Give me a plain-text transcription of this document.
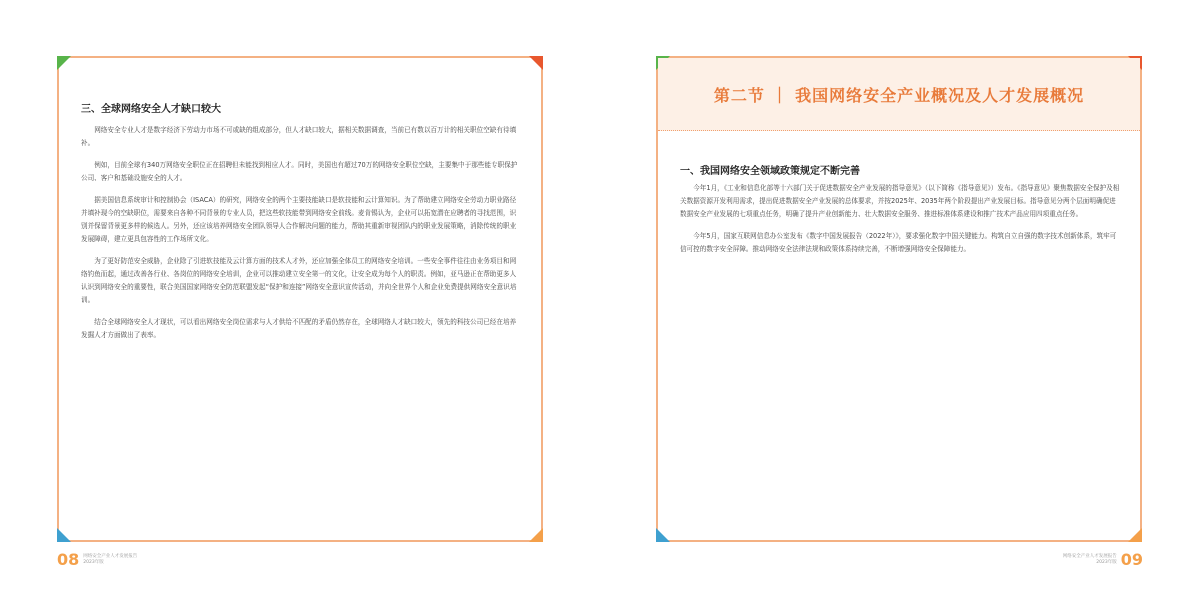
三、全球网络安全人才缺口较大

网络安全专业人才是数字经济下劳动力市场不可或缺的组成部分，但人才缺口较大，据相关数据调查，当前已有数以百万计的相关职位空缺有待填补。

例如，目前全球有340万网络安全职位正在招聘但未能找到相应人才。同时，美国也有超过70万的网络安全职位空缺，主要集中于那些能专职保护公司、客户和基础设施安全的人才。

据美国信息系统审计和控制协会（ISACA）的研究，网络安全的两个主要技能缺口是软技能和云计算知识。为了帮助建立网络安全劳动力职业路径并填补现今的空缺职位，需要来自各种不同背景的专业人员，把这些软技能带到网络安全前线。麦肯锡认为，企业可以拓宽潜在应聘者的寻找范围，识别并保留背景更多样的候选人。另外，还应该培养网络安全团队领导人合作解决问题的能力，帮助其重新审视团队内的职业发展策略，消除传统的职业发展障碍，建立更具包容性的工作场所文化。

为了更好防范安全威胁，企业除了引进软技能及云计算方面的技术人才外，还应加强全体员工的网络安全培训。一些安全事件往往由业务项目和网络钓鱼而起，通过改善各行业、各岗位的网络安全培训，企业可以推动建立安全第一的文化，让安全成为每个人的职责。例如，亚马逊正在帮助更多人认识到网络安全的重要性，联合美国国家网络安全防范联盟发起“保护和连接”网络安全意识宣传活动，并向全世界个人和企业免费提供网络安全意识培训。

结合全球网络安全人才现状，可以看出网络安全岗位需求与人才供给不匹配的矛盾仍然存在，全球网络人才缺口较大，领先的科技公司已经在培养发掘人才方面做出了表率。

第二节 ｜ 我国网络安全产业概况及人才发展概况
一、我国网络安全领域政策规定不断完善

今年1月，《工业和信息化部等十六部门关于促进数据安全产业发展的指导意见》（以下简称《指导意见》）发布。《指导意见》聚焦数据安全保护及相关数据资源开发利用需求，提出促进数据安全产业发展的总体要求，并按2025年、2035年两个阶段提出产业发展目标。指导意见分两个层面明确促进数据安全产业发展的七项重点任务，明确了提升产业创新能力、壮大数据安全服务、推进标准体系建设和推广技术产品应用四项重点任务。

今年5月，国家互联网信息办公室发布《数字中国发展报告（2022年）》，要求强化数字中国关键能力。构筑自立自强的数字技术创新体系，筑牢可信可控的数字安全屏障。推动网络安全法律法规和政策体系持续完善，不断增强网络安全保障能力。

08 网络安全产业人才发展报告
2023年版
网络安全产业人才发展报告
2023年版 09
